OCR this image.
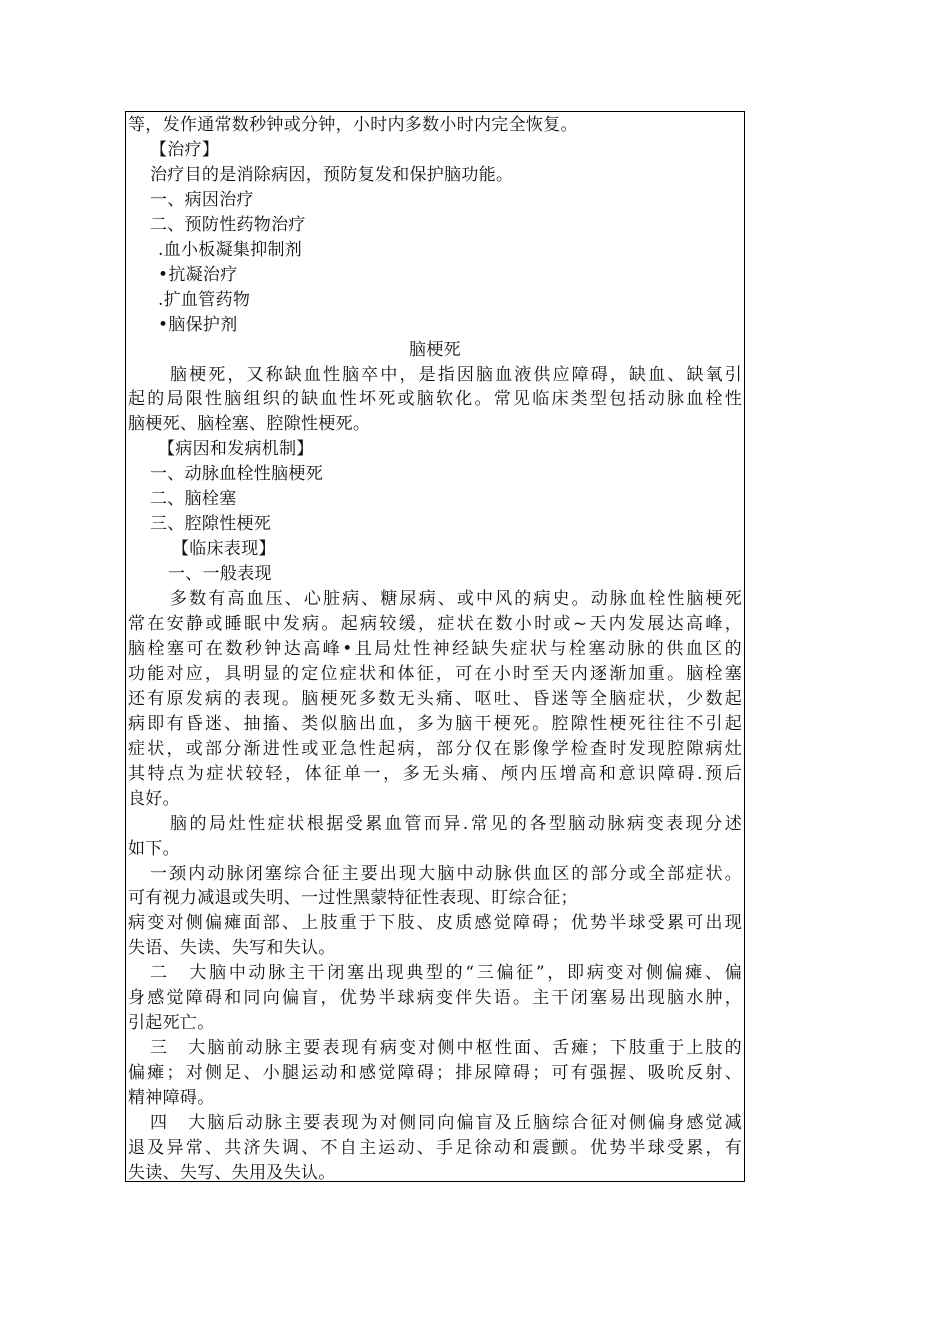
等，发作通常数秒钟或分钟，小时内多数小时内完全恢复。
【治疗】
治疗目的是消除病因，预防复发和保护脑功能。
一、病因治疗
二、预防性药物治疗
.血小板凝集抑制剂
•抗凝治疗
.扩血管药物
•脑保护剂
脑梗死
脑梗死，又称缺血性脑卒中，是指因脑血液供应障碍，缺血、缺氧引
起的局限性脑组织的缺血性坏死或脑软化。常见临床类型包括动脉血栓性
脑梗死、脑栓塞、腔隙性梗死。
【病因和发病机制】
一、动脉血栓性脑梗死
二、脑栓塞
三、腔隙性梗死
【临床表现】
一、一般表现
多数有高血压、心脏病、糖尿病、或中风的病史。动脉血栓性脑梗死
常在安静或睡眠中发病。起病较缓，症状在数小时或~天内发展达高峰，
脑栓塞可在数秒钟达高峰•且局灶性神经缺失症状与栓塞动脉的供血区的
功能对应，具明显的定位症状和体征，可在小时至天内逐渐加重。脑栓塞
还有原发病的表现。脑梗死多数无头痛、呕吐、昏迷等全脑症状，少数起
病即有昏迷、抽搐、类似脑出血，多为脑干梗死。腔隙性梗死往往不引起
症状，或部分渐进性或亚急性起病，部分仅在影像学检查时发现腔隙病灶
其特点为症状较轻，体征单一，多无头痛、颅内压增高和意识障碍.预后
良好。
脑的局灶性症状根据受累血管而异.常见的各型脑动脉病变表现分述
如下。
一颈内动脉闭塞综合征主要出现大脑中动脉供血区的部分或全部症状。
可有视力减退或失明、一过性黑蒙特征性表现、盯综合征；
病变对侧偏瘫面部、上肢重于下肢、皮质感觉障碍；优势半球受累可出现
失语、失读、失写和失认。
二　大脑中动脉主干闭塞出现典型的“三偏征”，即病变对侧偏瘫、偏
身感觉障碍和同向偏盲，优势半球病变伴失语。主干闭塞易出现脑水肿，
引起死亡。
三　大脑前动脉主要表现有病变对侧中枢性面、舌瘫；下肢重于上肢的
偏瘫；对侧足、小腿运动和感觉障碍；排尿障碍；可有强握、吸吮反射、
精神障碍。
四　大脑后动脉主要表现为对侧同向偏盲及丘脑综合征对侧偏身感觉减
退及异常、共济失调、不自主运动、手足徐动和震颤。优势半球受累，有
失读、失写、失用及失认。
